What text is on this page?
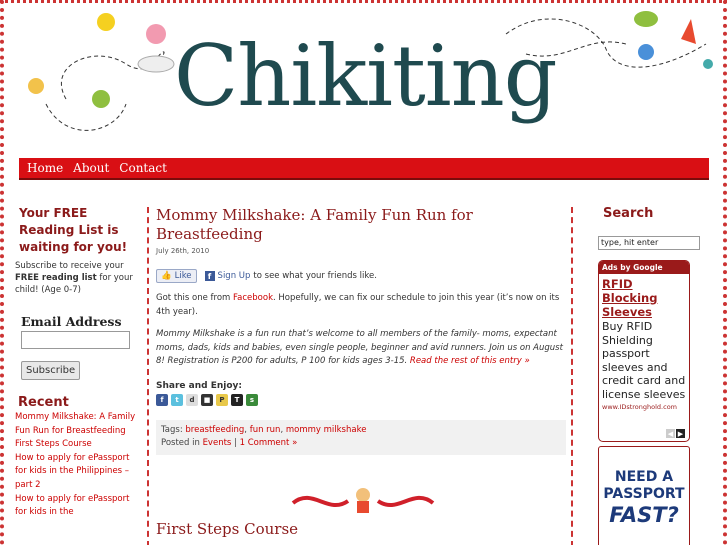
Chikiting
Home About Contact
Your FREE Reading List is waiting for you!

Subscribe to receive your FREE reading list for your child! (Age 0-7)

Email Address
Subscribe
Recent
Mommy Milkshake: A Family Fun Run for Breastfeeding
First Steps Course
How to apply for ePassport for kids in the Philippines – part 2
How to apply for ePassport for kids in the
Mommy Milkshake: A Family Fun Run for Breastfeeding
July 26th, 2010
👍 Like	f Sign Up to see what your friends like.
Got this one from Facebook. Hopefully, we can fix our schedule to join this year (it’s now on its 4th year).
Mommy Milkshake is a fun run that’s welcome to all members of the family- moms, expectant moms, dads, kids and babies, even single people, beginner and avid runners. Join us on August 8! Registration is P200 for adults, P 100 for kids ages 3-15. Read the rest of this entry »
Share and Enjoy:
f	t	d	■	P	T	s
Tags: breastfeeding, fun run, mommy milkshake
Posted in Events | 1 Comment »
First Steps Course
Search
type, hit enter
Ads by Google
RFID Blocking Sleeves
Buy RFID Shielding passport sleeves and credit card and license sleeves
www.IDstronghold.com
◀ ▶
NEED A
PASSPORT
FAST?
